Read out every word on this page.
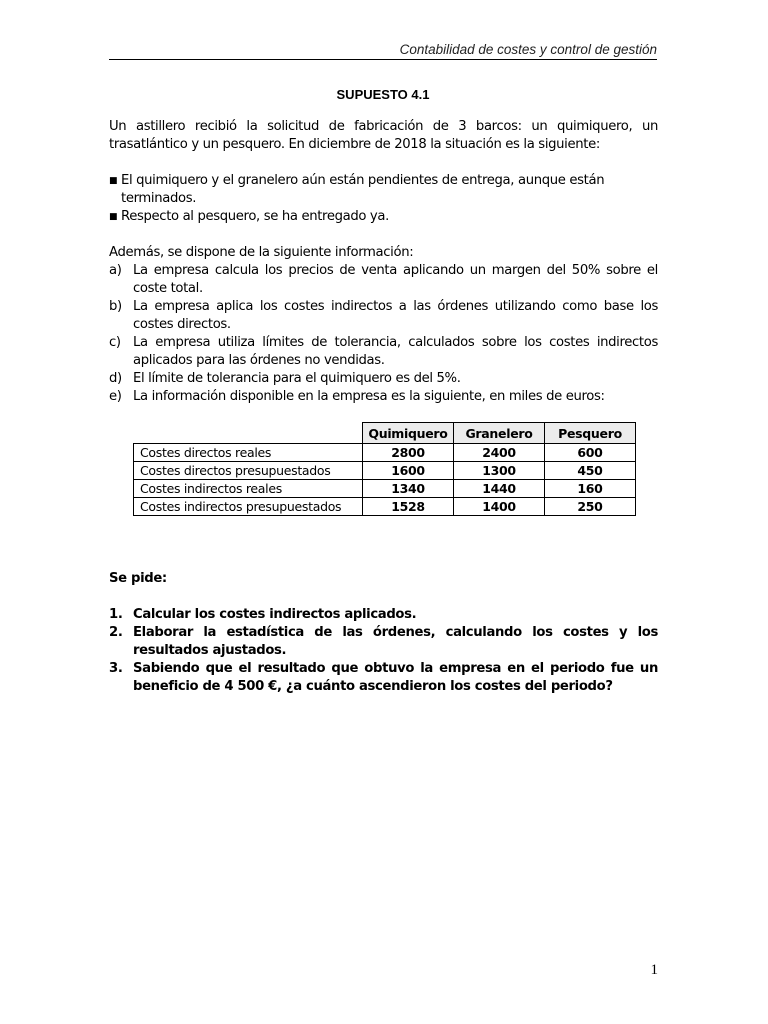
Contabilidad de costes y control de gestión
SUPUESTO 4.1

Un astillero recibió la solicitud de fabricación de 3 barcos: un quimiquero, un trasatlántico y un pesquero. En diciembre de 2018 la situación es la siguiente:

■ El quimiquero y el granelero aún están pendientes de entrega, aunque están terminados.
■ Respecto al pesquero, se ha entregado ya.

Además, se dispone de la siguiente información:

a) La empresa calcula los precios de venta aplicando un margen del 50% sobre el coste total.
b) La empresa aplica los costes indirectos a las órdenes utilizando como base los costes directos.
c) La empresa utiliza límites de tolerancia, calculados sobre los costes indirectos aplicados para las órdenes no vendidas.
d) El límite de tolerancia para el quimiquero es del 5%.
e) La información disponible en la empresa es la siguiente, en miles de euros:
	Quimiquero	Granelero	Pesquero
Costes directos reales	2800	2400	600
Costes directos presupuestados	1600	1300	450
Costes indirectos reales	1340	1440	160
Costes indirectos presupuestados	1528	1400	250
Se pide:
1. Calcular los costes indirectos aplicados.
2. Elaborar la estadística de las órdenes, calculando los costes y los resultados ajustados.
3. Sabiendo que el resultado que obtuvo la empresa en el periodo fue un beneficio de 4 500 €, ¿a cuánto ascendieron los costes del periodo?
1
